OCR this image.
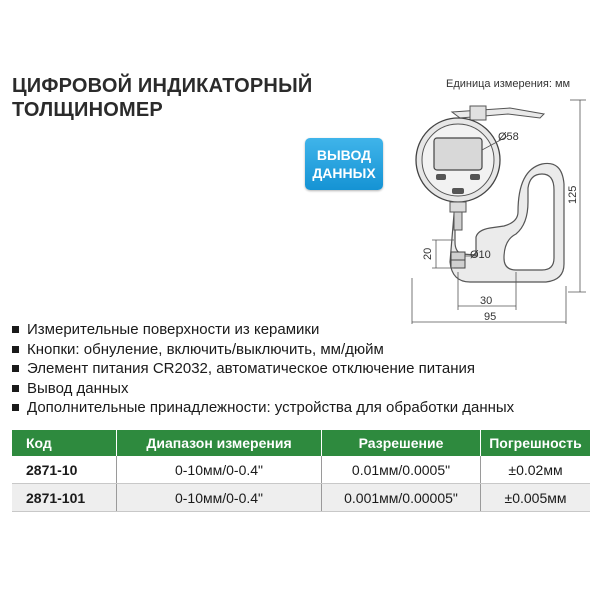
ЦИФРОВОЙ ИНДИКАТОРНЫЙ
ТОЛЩИНОМЕР
ВЫВОД
ДАННЫХ
Единица измерения: мм
Ø58
125
20	Ø10
30
95
Измерительные поверхности из керамики
Кнопки: обнуление, включить/выключить, мм/дюйм
Элемент питания CR2032, автоматическое отключение питания
Вывод данных
Дополнительные принадлежности: устройства для обработки данных
Код	Диапазон измерения	Разрешение	Погрешность
2871-10	0-10мм/0-0.4"	0.01мм/0.0005"	±0.02мм
2871-101	0-10мм/0-0.4"	0.001мм/0.00005"	±0.005мм
